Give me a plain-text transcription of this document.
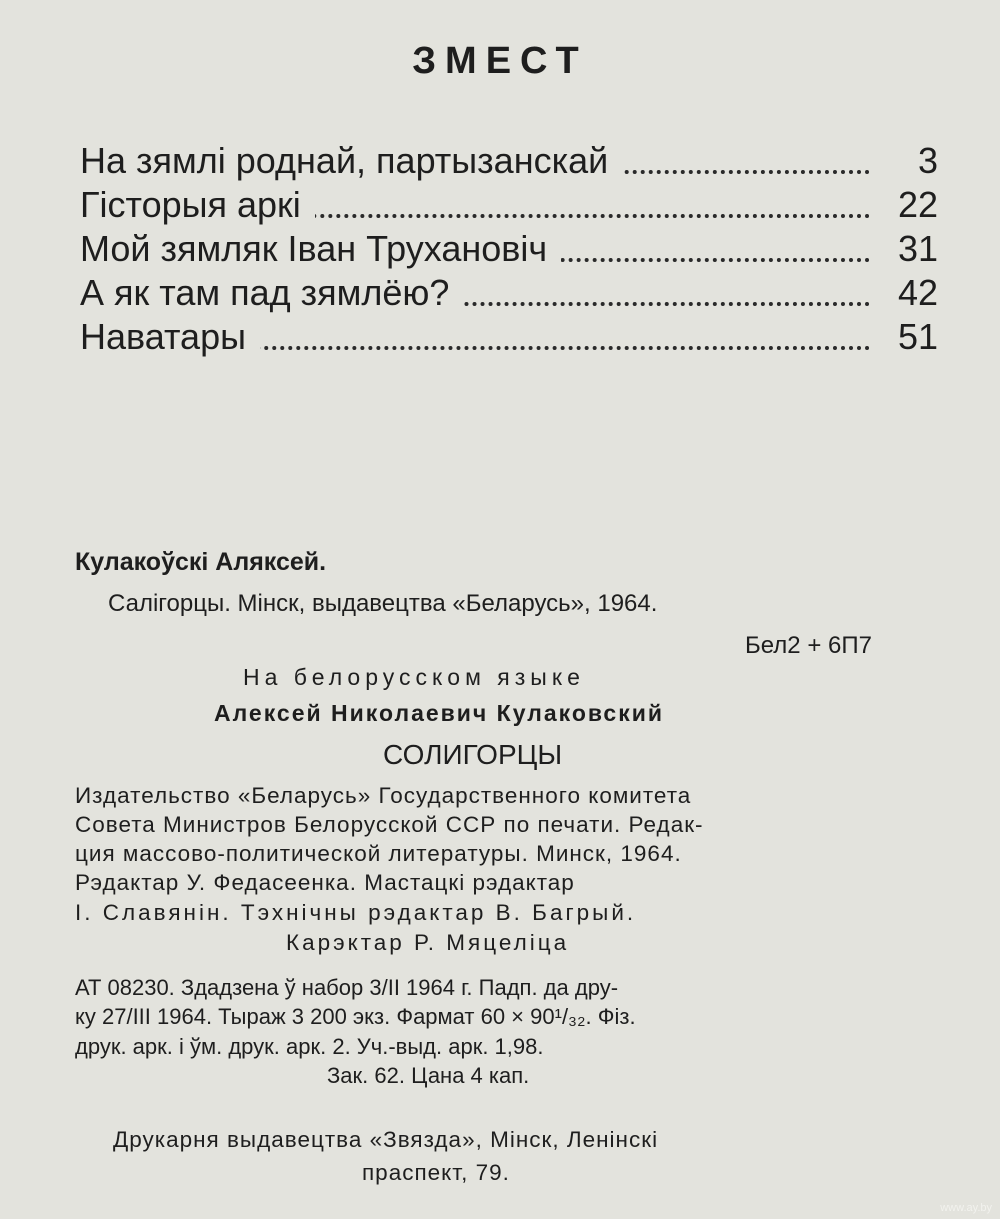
ЗМЕСТ
На зямлі роднай, партызанскай	3
Гісторыя аркі	22
Мой зямляк Іван Труханoвіч	31
А як там пад зямлёю?	42
Наватары	51
Кулакоўскі Аляксей.
Салігорцы. Мінск, выдавецтва «Беларусь», 1964.
Бел2 + 6П7
На белорусском языке
Алексей Николаевич Кулаковский
СОЛИГОРЦЫ
Издательство «Беларусь» Государственного комитета
Совета Министров Белорусской ССР по печати. Редак-
ция массово-политической литературы. Минск, 1964.
Рэдактар У. Федасеенка. Мастацкі рэдактар
І. Славянін. Тэхнічны рэдактар В. Багрый.
Карэктар Р. Мяцеліца
АТ 08230. Здадзена ў набор 3/II 1964 г. Падп. да дру-
ку 27/III 1964. Тыраж 3 200 экз. Фармат 60 × 90¹/₃₂. Фіз.
друк. арк. і ўм. друк. арк. 2. Уч.-выд. арк. 1,98.
Зак. 62. Цана 4 кап.
Друкарня выдавецтва «Звязда», Мінск, Ленінскі
праспект, 79.
www.ay.by
